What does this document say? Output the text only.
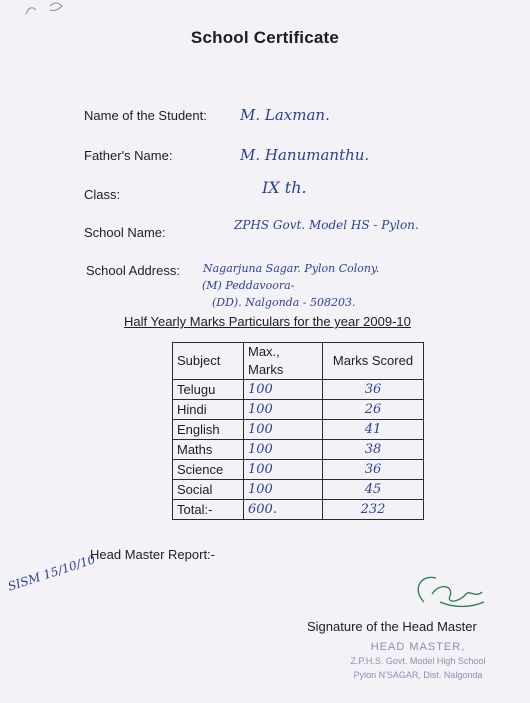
School Certificate
Name of the Student: M. Laxman.
Father's Name:	M. Hanumanthu.
Class:	IX th.
School Name:	ZPHS Govt. Model HS - Pylon.
School Address: Nagarjuna Sagar. Pylon Colony.
(M) Peddavoora-
(DD). Nalgonda - 508203.
Half Yearly Marks Particulars for the year 2009-10
Subject	Max., Marks	Marks Scored
Telugu	100	36
Hindi	100	26
English	100	41
Maths	100	38
Science	100	36
Social	100	45
Total:-	600.	232
Head Master Report:-
SISM 15/10/10
Signature of the Head Master
HEAD MASTER,
Z.P.H.S. Govt. Model High School
Pylon N'SAGAR, Dist. Nalgonda
